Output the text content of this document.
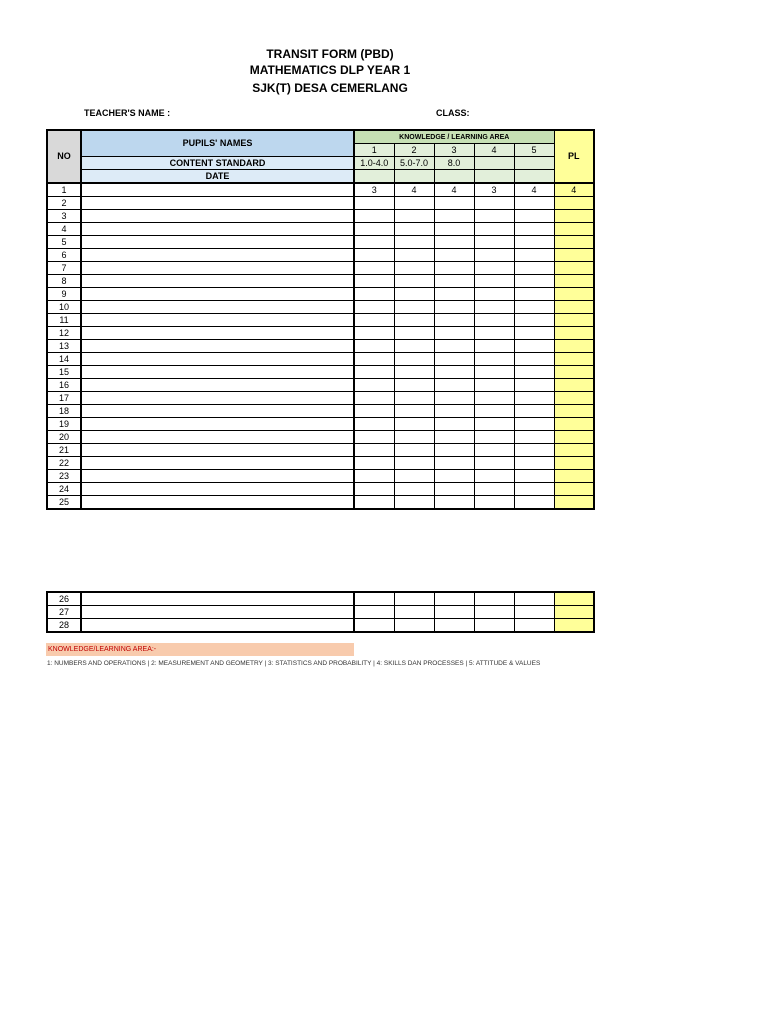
TRANSIT FORM (PBD)
MATHEMATICS DLP YEAR 1
SJK(T) DESA CEMERLANG
TEACHER'S NAME :	CLASS:
NO	PUPILS' NAMES	KNOWLEDGE / LEARNING AREA					PL
		1	2	3	4	5	
	CONTENT STANDARD	1.0-4.0	5.0-7.0	8.0			
	DATE						
1		3	4	4	3	4	4
2							
3							
4							
5							
6							
7							
8							
9							
10							
11							
12							
13							
14							
15							
16							
17							
18							
19							
20							
21							
22							
23							
24							
25							
26							
27							
28							
KNOWLEDGE/LEARNING AREA:-
1: NUMBERS AND OPERATIONS | 2: MEASUREMENT AND GEOMETRY | 3: STATISTICS AND PROBABILITY | 4: SKILLS DAN PROCESSES | 5: ATTITUDE & VALUES
